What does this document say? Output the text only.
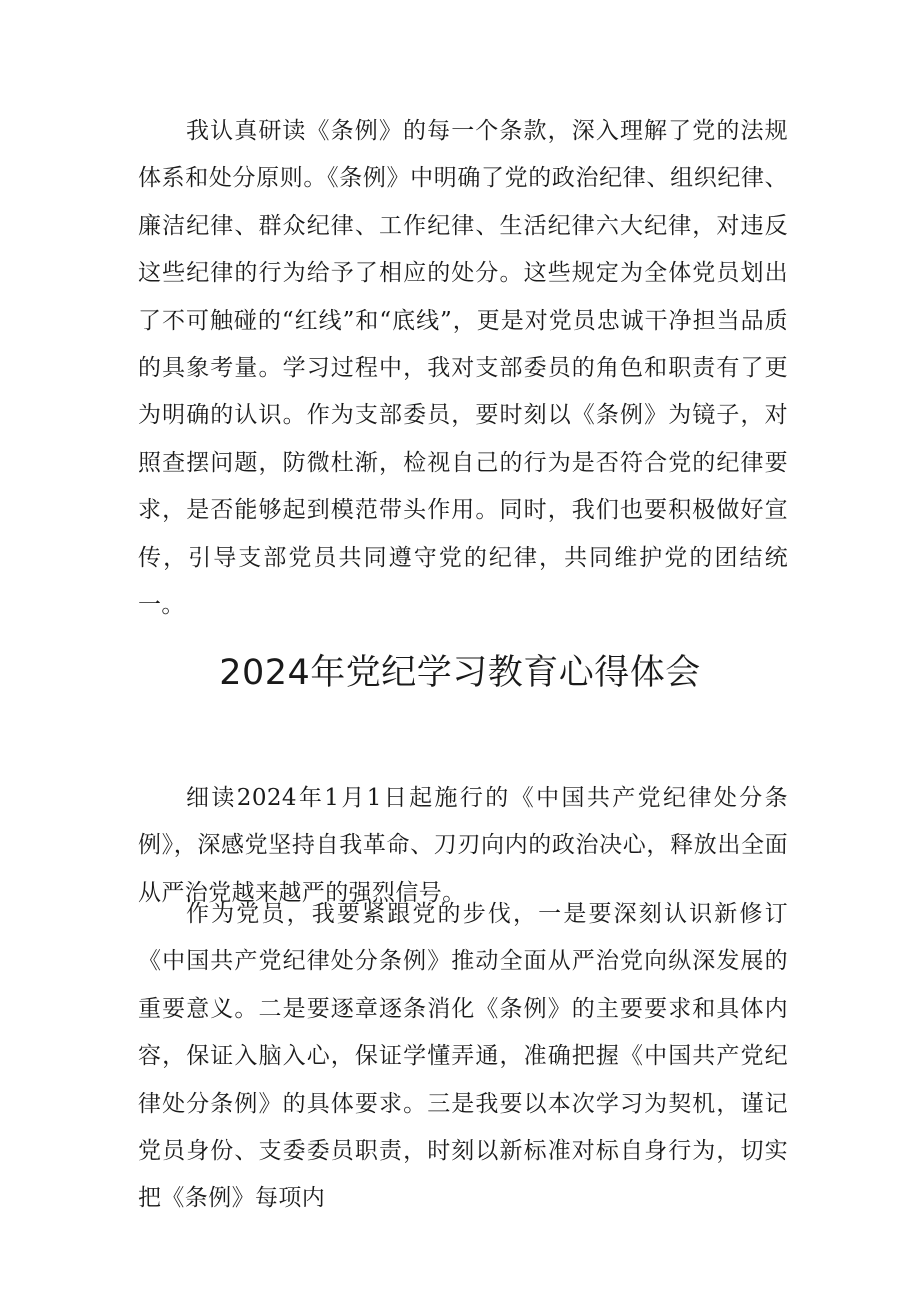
我认真研读《条例》的每一个条款，深入理解了党的法规体系和处分原则。《条例》中明确了党的政治纪律、组织纪律、廉洁纪律、群众纪律、工作纪律、生活纪律六大纪律，对违反这些纪律的行为给予了相应的处分。这些规定为全体党员划出了不可触碰的“红线”和“底线”，更是对党员忠诚干净担当品质的具象考量。学习过程中，我对支部委员的角色和职责有了更为明确的认识。作为支部委员，要时刻以《条例》为镜子，对照查摆问题，防微杜渐，检视自己的行为是否符合党的纪律要求，是否能够起到模范带头作用。同时，我们也要积极做好宣传，引导支部党员共同遵守党的纪律，共同维护党的团结统一。

2024年党纪学习教育心得体会

细读2024年1月1日起施行的《中国共产党纪律处分条例》，深感党坚持自我革命、刀刃向内的政治决心，释放出全面从严治党越来越严的强烈信号。

作为党员，我要紧跟党的步伐，一是要深刻认识新修订《中国共产党纪律处分条例》推动全面从严治党向纵深发展的重要意义。二是要逐章逐条消化《条例》的主要要求和具体内容，保证入脑入心，保证学懂弄通，准确把握《中国共产党纪律处分条例》的具体要求。三是我要以本次学习为契机，谨记党员身份、支委委员职责，时刻以新标准对标自身行为，切实把《条例》每项内
